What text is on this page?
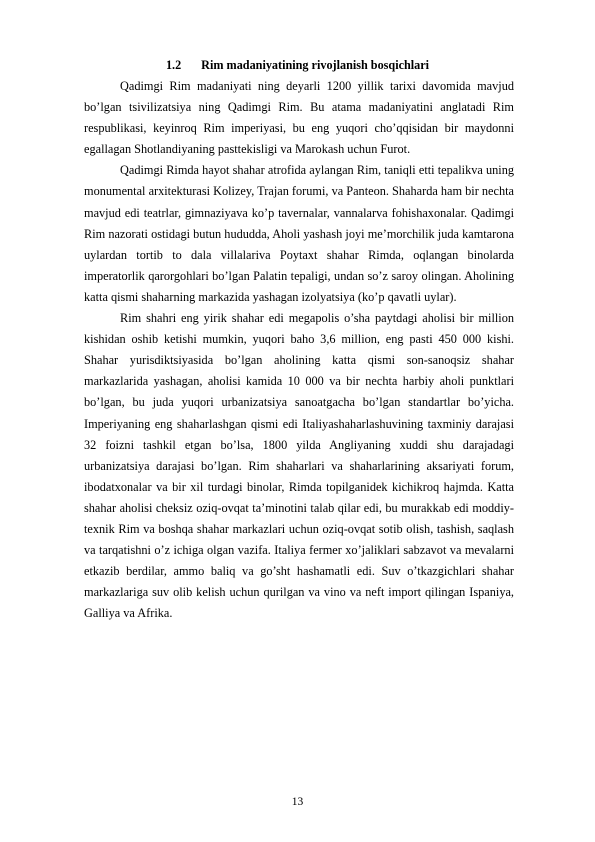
1.2 Rim madaniyatining rivojlanish bosqichlari

Qadimgi Rim madaniyati ning deyarli 1200 yillik tarixi davomida mavjud bo’lgan tsivilizatsiya ning Qadimgi Rim. Bu atama madaniyatini anglatadi Rim respublikasi, keyinroq Rim imperiyasi, bu eng yuqori cho’qqisidan bir maydonni egallagan Shotlandiyaning pasttekisligi va Marokash uchun Furot.

Qadimgi Rimda hayot shahar atrofida aylangan Rim, taniqli etti tepalikva uning monumental arxitekturasi Kolizey, Trajan forumi, va Panteon. Shaharda ham bir nechta mavjud edi teatrlar, gimnaziyava ko’p tavernalar, vannalarva fohishaxonalar. Qadimgi Rim nazorati ostidagi butun hududda, Aholi yashash joyi me’morchilik juda kamtarona uylardan tortib to dala villalariva Poytaxt shahar Rimda, oqlangan binolarda imperatorlik qarorgohlari bo’lgan Palatin tepaligi, undan so’z saroy olingan. Aholining katta qismi shaharning markazida yashagan izolyatsiya (ko’p qavatli uylar).

Rim shahri eng yirik shahar edi megapolis o’sha paytdagi aholisi bir million kishidan oshib ketishi mumkin, yuqori baho 3,6 million, eng pasti 450 000 kishi. Shahar yurisdiktsiyasida bo’lgan aholining katta qismi son-sanoqsiz shahar markazlarida yashagan, aholisi kamida 10 000 va bir nechta harbiy aholi punktlari bo’lgan, bu juda yuqori urbanizatsiya sanoatgacha bo’lgan standartlar bo’yicha. Imperiyaning eng shaharlashgan qismi edi Italiyashaharlashuvining taxminiy darajasi 32 foizni tashkil etgan bo’lsa, 1800 yilda Angliyaning xuddi shu darajadagi urbanizatsiya darajasi bo’lgan. Rim shaharlari va shaharlarining aksariyati forum, ibodatxonalar va bir xil turdagi binolar, Rimda topilganidek kichikroq hajmda. Katta shahar aholisi cheksiz oziq-ovqat ta’minotini talab qilar edi, bu murakkab edi moddiy-texnik Rim va boshqa shahar markazlari uchun oziq-ovqat sotib olish, tashish, saqlash va tarqatishni o’z ichiga olgan vazifa. Italiya fermer xo’jaliklari sabzavot va mevalarni etkazib berdilar, ammo baliq va go’sht hashamatli edi. Suv o’tkazgichlari shahar markazlariga suv olib kelish uchun qurilgan va vino va neft import qilingan Ispaniya, Galliya va Afrika.

13
